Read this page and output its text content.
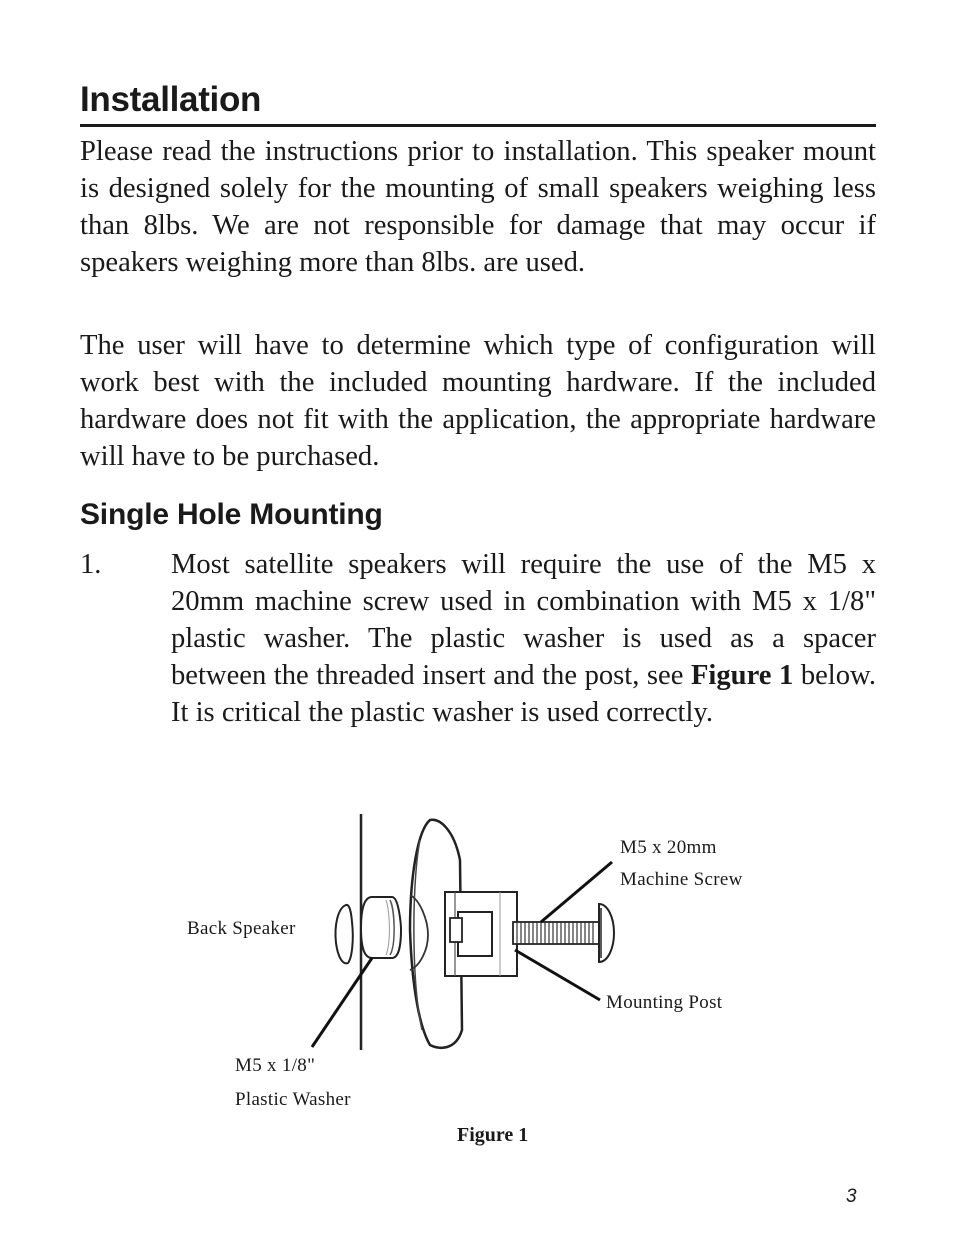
Installation

Please read the instructions prior to installation. This speaker mount is designed solely for the mounting of small speakers weighing less than 8lbs. We are not responsible for damage that may occur if speakers weighing more than 8lbs. are used.

The user will have to determine which type of configuration will work best with the included mounting hardware. If the included hardware does not fit with the application, the appropriate hardware will have to be purchased.

Single Hole Mounting
1. Most satellite speakers will require the use of the M5 x 20mm machine screw used in combination with M5 x 1/8" plastic washer. The plastic washer is used as a spacer between the threaded insert and the post, see Figure 1 below. It is critical the plastic washer is used correctly.

M5 x 20mm
Machine Screw
Back Speaker
Mounting Post
M5 x 1/8"
Plastic Washer
Figure 1
3
